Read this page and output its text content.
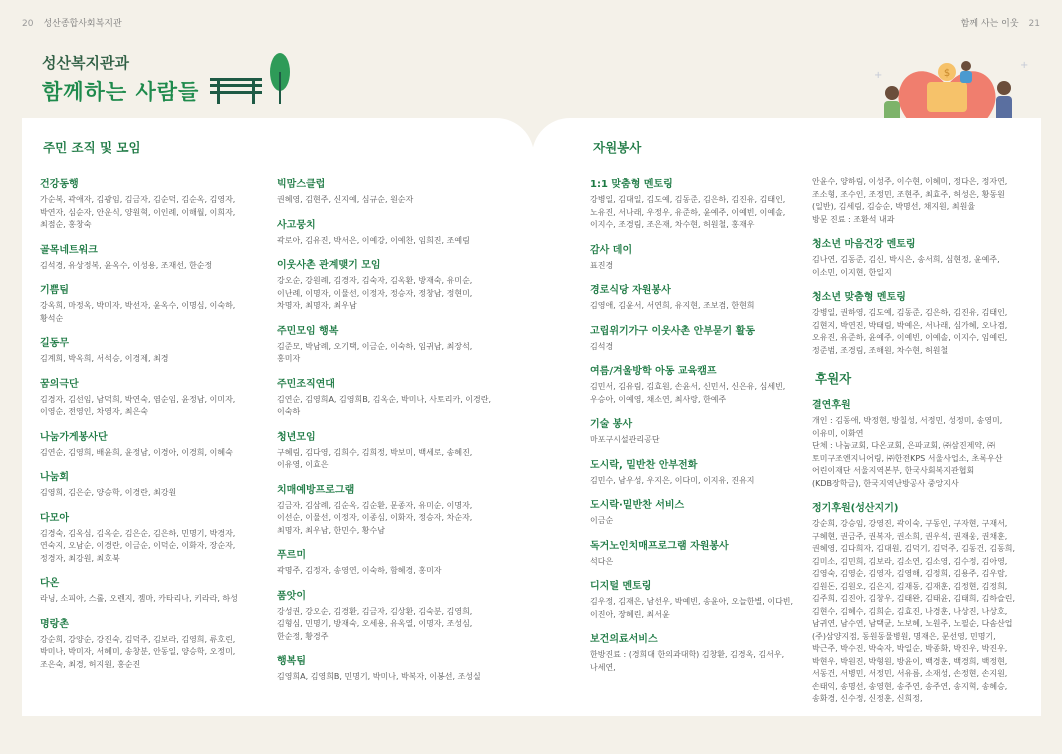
20 성산종합사회복지관	함께 사는 이웃 21
성산복지관과
함께하는 사람들
$
+
+
주민 조직 및 모임
건강동행
가순복, 곽애자, 김광임, 김금자, 김순덕, 김순옥, 김영자, 박연자, 심순자, 안운식, 양원혁, 이인례, 이해월, 이희자, 최점순, 홍창숙
골목네트워크
김석경, 유상정복, 윤옥수, 이성용, 조재선, 한순정
기쁨팀
강옥희, 마정옥, 박미자, 박선자, 윤옥수, 이명심, 이숙하, 황석순
길동무
김계희, 박옥희, 서석승, 이경제, 최경
꿈의극단
김경자, 김선임, 남덕희, 박연숙, 염순임, 윤정남, 이미자, 이영순, 전영인, 차영자, 최은숙
나눔가게봉사단
김연순, 김영희, 배윤희, 윤정남, 이경아, 이경희, 이혜숙
나눔회
김영희, 김은순, 양승학, 이경란, 최강원
다모아
김경숙, 김옥심, 김옥순, 김은순, 김은하, 민명기, 박경자, 연숙지, 오남순, 이경란, 이금순, 이덕순, 이화자, 장순자, 정경자, 최강원, 최호북
다온
라닝, 소피아, 스롤, 오렌지, 젬마, 카타리나, 키라라, 하성
명랑촌
강순희, 강양순, 강진숙, 김덕주, 김보라, 김영희, 류호린, 박미나, 박미자, 서혜미, 송창분, 안동일, 양승학, 오정미, 조은숙, 최경, 허지원, 홍순진
빅맘스클럽
권혜영, 김현주, 신지예, 심규순, 원순자
사고뭉치
곽로아, 김유진, 박서은, 이예강, 이예찬, 임희진, 조예림
이웃사촌 관계맺기 모임
강오순, 강원례, 김경자, 김숙자, 김옥환, 방재숙, 유미순, 이난례, 이명자, 이물선, 이정자, 정승자, 정창남, 정현미, 차명자, 최명자, 최우남
주민모임 행복
김준모, 박남례, 오기택, 이금순, 이숙하, 임귀남, 최장석, 홍미자
주민조직연대
김연순, 김영희A, 김영희B, 김옥순, 박미나, 사토리카, 이경란, 이숙하
청년모임
구혜림, 김다영, 김희수, 김희정, 박보미, 백세로, 송혜진, 이유영, 이효은
치매예방프로그램
김금자, 김삼례, 김순옥, 김순환, 문종자, 유미순, 이명자, 이선순, 이물선, 이정자, 이종심, 이화자, 정승자, 차순자, 최명자, 최우남, 한민수, 황수남
푸르미
곽명주, 김정자, 송영연, 이숙하, 함혜경, 홍미자
품앗이
강성권, 강오순, 김경환, 김금자, 김상환, 김숙분, 김영희, 김형심, 민명기, 방재숙, 오세용, 유옥열, 이명자, 조성심, 한순정, 황경주
행복팀
김영희A, 김영희B, 민명기, 박미나, 박복자, 이봉선, 조성실
자원봉사
1:1 맞춤형 멘토링
강병일, 김대일, 김도예, 김동준, 김은하, 김진유, 김태인, 노유진, 서나래, 우정우, 유준하, 윤예주, 이예빈, 이예솔, 이지수, 조경림, 조은재, 차수현, 허원철, 홍재우
감사 데이
표진경
경로식당 자원봉사
김영애, 김윤서, 서연희, 유지현, 조보겸, 한현희
고립위기가구 이웃사촌 안부묻기 활동
김석경
여름/겨울방학 아동 교육캠프
김민서, 김유림, 김효원, 손윤서, 신민서, 신은유, 심세빈, 우승아, 이예영, 채소연, 최사랑, 한예주
기술 봉사
마포구시설관리공단
도시락, 밑반찬 안부전화
김민수, 남우성, 우지은, 이다미, 이지유, 진유지
도시락·밑반찬 서비스
이금순
독거노인치매프로그램 자원봉사
석다은
디지털 멘토링
김우정, 김재은, 남선우, 박예빈, 송윤아, 오늘한별, 이다빈, 이진아, 장혜린, 최서윤
보건의료서비스
한방진료 : (경희대 한의과대학) 김창환, 김경옥, 김서우, 나세연,
안윤수, 양하림, 이성주, 이수현, 이혜미, 정다은, 정자연, 조소형, 조수인, 조정민, 조현주, 최효주, 허성은, 황동원(일반), 김세림, 김승순, 박명선, 채지원, 최원율
방문 진료 : 조환석 내과
청소년 마음건강 멘토링
김나연, 김동준, 김신, 박시은, 송서희, 심현정, 윤예주, 이소민, 이지현, 한일지
청소년 맞춤형 멘토링
강병일, 권하영, 김도예, 김동준, 김은하, 김진유, 김태인, 김현지, 박연진, 박태림, 박예은, 서나래, 심가혜, 오나겸, 오유진, 유준하, 윤예주, 이예빈, 이예솔, 이지수, 임예린, 정준범, 조경림, 조해원, 차수현, 허원철
후원자
결연후원
개인 : 김동애, 박정현, 방칠성, 서정민, 성정미, 송영미, 이유미, 이화연
단체 : 나눔교회, 다온교회, 은파교회, ㈜삼진제약, ㈜토미구조엔지니어링, ㈜한전KPS 서울사업소, 초록우산 어린이재단 서울지역본부, 한국사회복지관협회(KDB장학금), 한국지역난방공사 중앙지사
정기후원(성산지기)
강순희, 강승임, 강영진, 곽이숙, 구동인, 구자현, 구재서, 구혜현, 권금주, 권복자, 권소희, 권우석, 권재웅, 권채훈, 권혜영, 김다희자, 김대원, 김덕기, 김덕주, 김동건, 김동희, 김미소, 김민희, 김보라, 김소연, 김소영, 김수정, 김아영, 김영숙, 김영순, 김영자, 김영해, 김정희, 김용주, 김우람, 김원돈, 김원오, 김은지, 김재동, 김재훈, 김정현, 김정희, 김주희, 김진아, 김창우, 김태완, 김태윤, 김태희, 김하슬린, 김현수, 김혜수, 김희순, 김효진, 나경훈, 나상진, 나상호, 남귀연, 남수연, 남택균, 노보혜, 노원주, 노필순, 다솜산업(주)삼양지점, 동원동물병원, 명재은, 문선영, 민명기, 박근주, 박수진, 박숙자, 박일순, 박종화, 박진우, 박진우, 박현우, 박원진, 박형원, 방윤이, 백경훈, 백경희, 백정현, 서동건, 서병민, 서정민, 서유름, 소재성, 손정현, 손지원, 손태익, 송명선, 송영현, 송주연, 송주연, 송지혁, 송혜승, 송화경, 신수정, 신정훈, 신희정,
